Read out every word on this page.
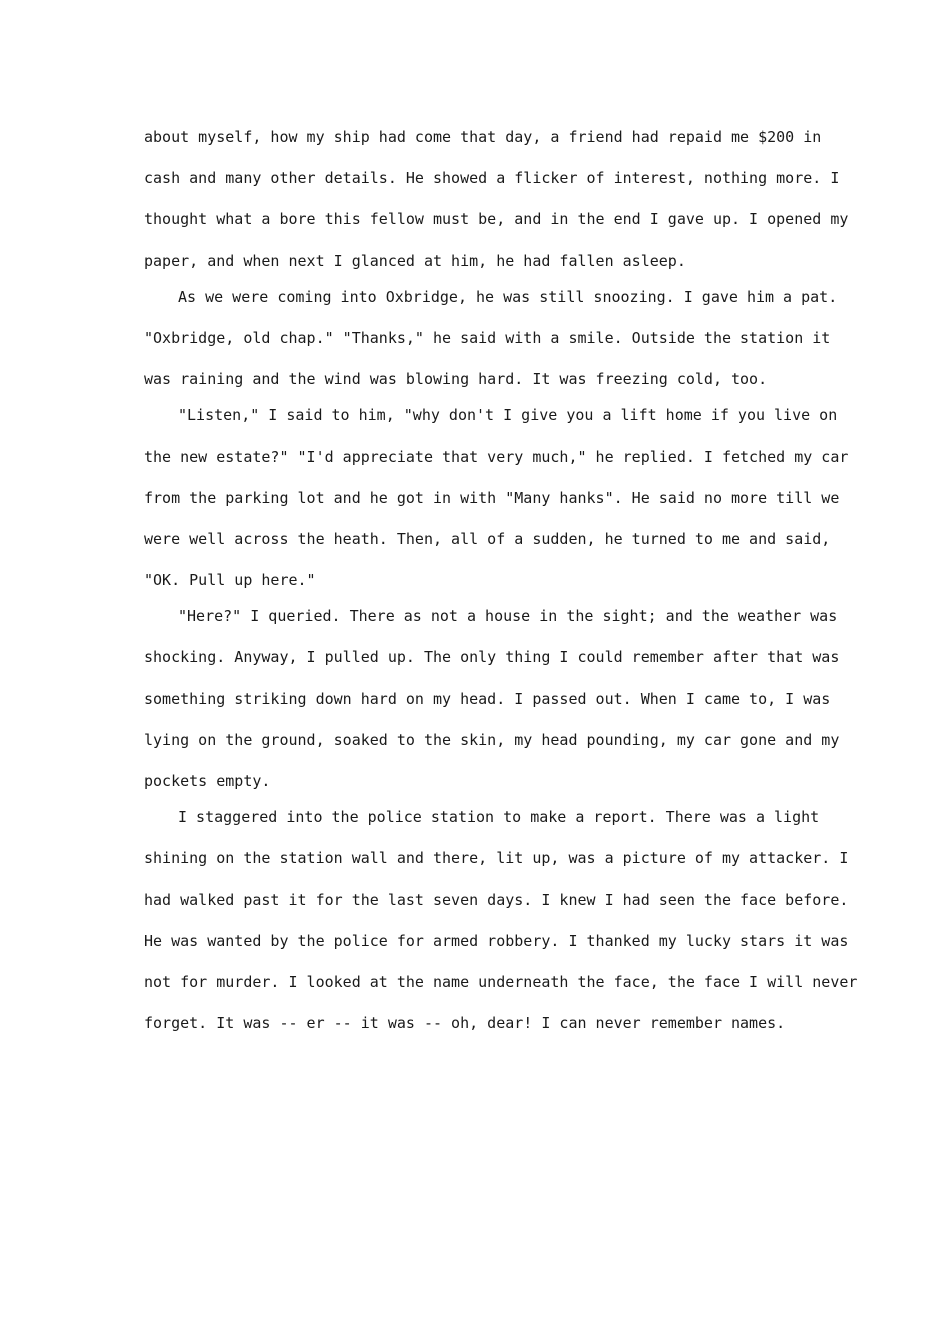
about myself, how my ship had come that day, a friend had repaid me $200 in
cash and many other details. He showed a flicker of interest, nothing more. I
thought what a bore this fellow must be, and in the end I gave up. I opened my
paper, and when next I glanced at him, he had fallen asleep.
As we were coming into Oxbridge, he was still snoozing. I gave him a pat.
"Oxbridge, old chap." "Thanks," he said with a smile. Outside the station it
was raining and the wind was blowing hard. It was freezing cold, too.
"Listen," I said to him, "why don't I give you a lift home if you live on
the new estate?" "I'd appreciate that very much," he replied. I fetched my car
from the parking lot and he got in with "Many hanks". He said no more till we
were well across the heath. Then, all of a sudden, he turned to me and said,
"OK. Pull up here."
"Here?" I queried. There as not a house in the sight; and the weather was
shocking. Anyway, I pulled up. The only thing I could remember after that was
something striking down hard on my head. I passed out. When I came to, I was
lying on the ground, soaked to the skin, my head pounding, my car gone and my
pockets empty.
I staggered into the police station to make a report. There was a light
shining on the station wall and there, lit up, was a picture of my attacker. I
had walked past it for the last seven days. I knew I had seen the face before.
He was wanted by the police for armed robbery. I thanked my lucky stars it was
not for murder. I looked at the name underneath the face, the face I will never
forget. It was -- er -- it was -- oh, dear! I can never remember names.
